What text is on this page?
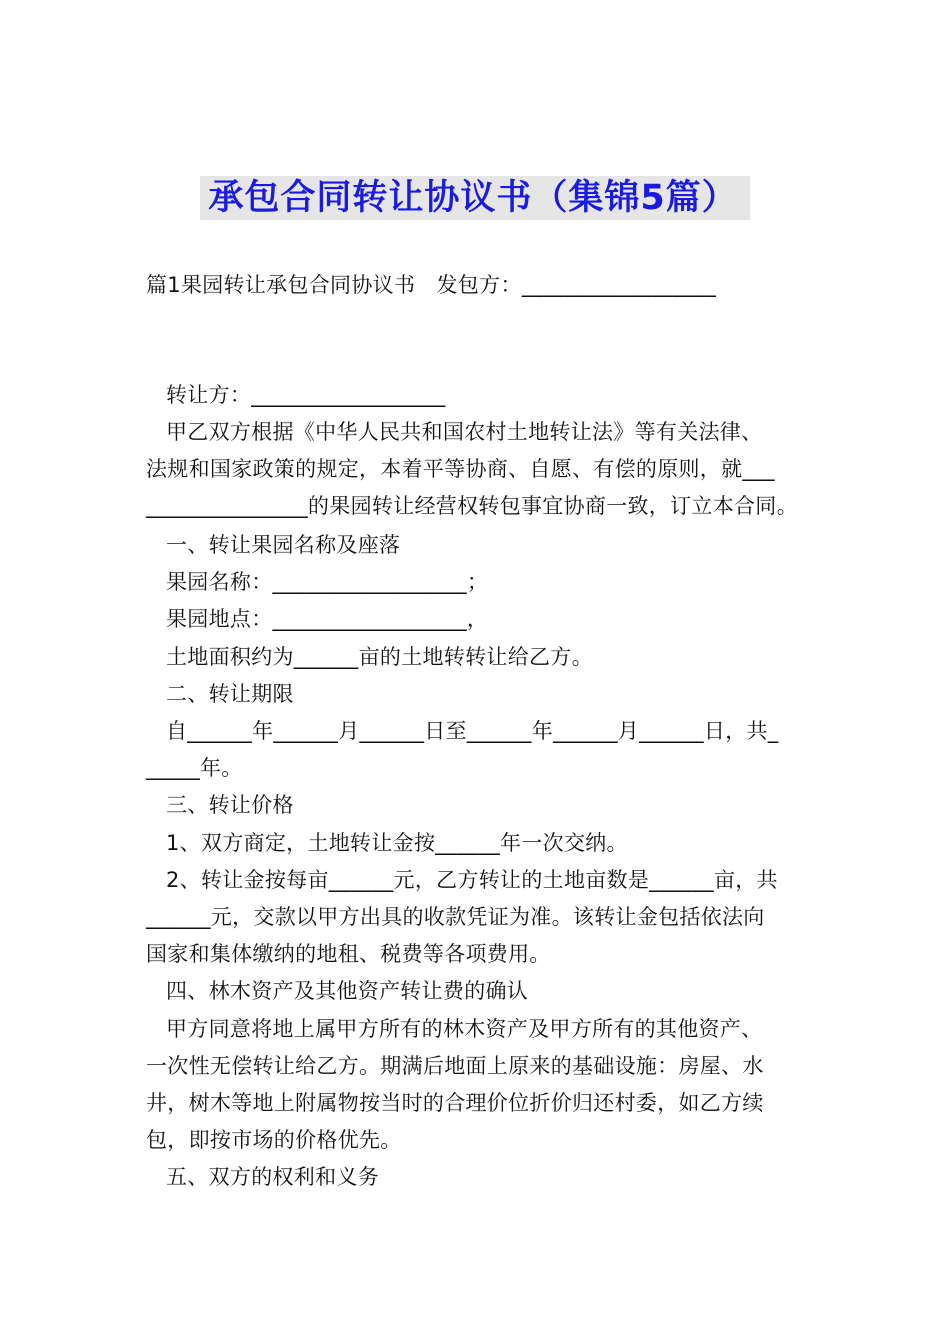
承包合同转让协议书（集锦5篇）
篇1果园转让承包合同协议书　发包方：__________________
转让方：__________________
甲乙双方根据《中华人民共和国农村土地转让法》等有关法律、
法规和国家政策的规定，本着平等协商、自愿、有偿的原则，就___
_______________的果园转让经营权转包事宜协商一致，订立本合同。
一、转让果园名称及座落
果园名称：__________________；
果园地点：__________________，
土地面积约为______亩的土地转转让给乙方。
二、转让期限
自______年______月______日至______年______月______日，共_
_____年。
三、转让价格
1、双方商定，土地转让金按______年一次交纳。
2、转让金按每亩______元，乙方转让的土地亩数是______亩，共
______元，交款以甲方出具的收款凭证为准。该转让金包括依法向
国家和集体缴纳的地租、税费等各项费用。
四、林木资产及其他资产转让费的确认
甲方同意将地上属甲方所有的林木资产及甲方所有的其他资产、
一次性无偿转让给乙方。期满后地面上原来的基础设施：房屋、水
井，树木等地上附属物按当时的合理价位折价归还村委，如乙方续
包，即按市场的价格优先。
五、双方的权利和义务
